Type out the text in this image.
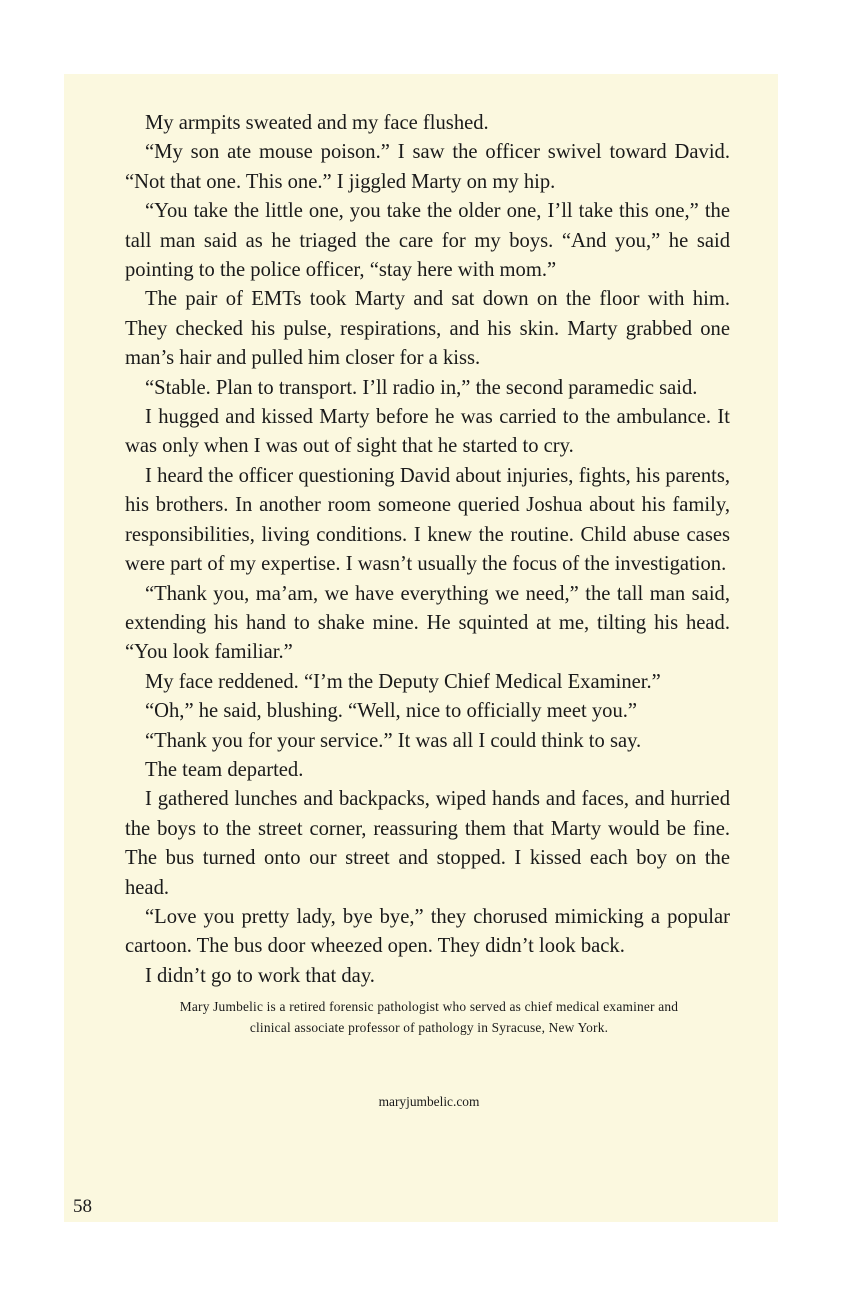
My armpits sweated and my face flushed.

“My son ate mouse poison.” I saw the officer swivel toward David. “Not that one. This one.” I jiggled Marty on my hip.

“You take the little one, you take the older one, I’ll take this one,” the tall man said as he triaged the care for my boys. “And you,” he said pointing to the police officer, “stay here with mom.”

The pair of EMTs took Marty and sat down on the floor with him. They checked his pulse, respirations, and his skin. Marty grabbed one man’s hair and pulled him closer for a kiss.

“Stable. Plan to transport. I’ll radio in,” the second paramedic said.

I hugged and kissed Marty before he was carried to the ambulance. It was only when I was out of sight that he started to cry.

I heard the officer questioning David about injuries, fights, his parents, his brothers. In another room someone queried Joshua about his family, responsibilities, living conditions. I knew the routine. Child abuse cases were part of my expertise. I wasn’t usually the focus of the investigation.

“Thank you, ma’am, we have everything we need,” the tall man said, extending his hand to shake mine. He squinted at me, tilting his head. “You look familiar.”

My face reddened. “I’m the Deputy Chief Medical Examiner.”

“Oh,” he said, blushing. “Well, nice to officially meet you.”

“Thank you for your service.” It was all I could think to say.

The team departed.

I gathered lunches and backpacks, wiped hands and faces, and hurried the boys to the street corner, reassuring them that Marty would be fine. The bus turned onto our street and stopped. I kissed each boy on the head.

“Love you pretty lady, bye bye,” they chorused mimicking a popular cartoon. The bus door wheezed open. They didn’t look back.

I didn’t go to work that day.

Mary Jumbelic is a retired forensic pathologist who served as chief medical examiner and

clinical associate professor of pathology in Syracuse, New York.

maryjumbelic.com
58
